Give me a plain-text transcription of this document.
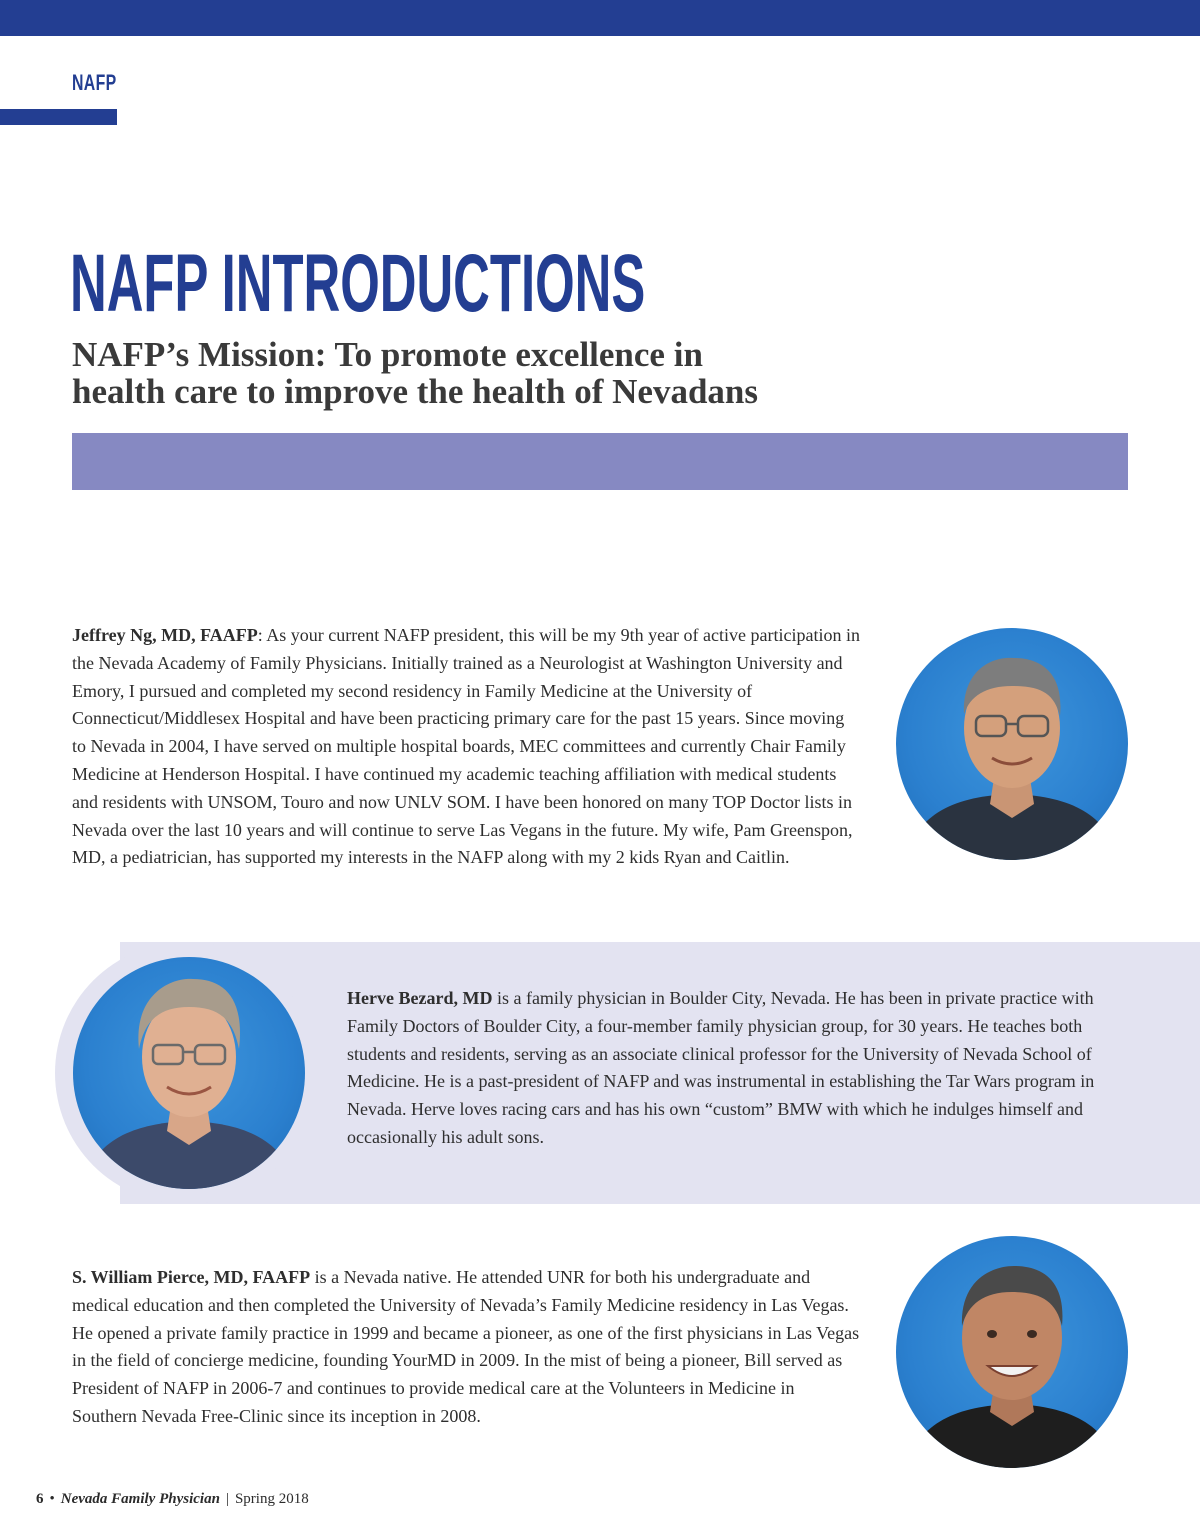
NAFP

NAFP INTRODUCTIONS
NAFP’s Mission: To promote excellence in
health care to improve the health of Nevadans

Jeffrey Ng, MD, FAAFP: As your current NAFP president, this will be my 9th year of active participation in the Nevada Academy of Family Physicians. Initially trained as a Neurologist at Washington University and Emory, I pursued and completed my second residency in Family Medicine at the University of Connecticut/Middlesex Hospital and have been practicing primary care for the past 15 years. Since moving to Nevada in 2004, I have served on multiple hospital boards, MEC committees and currently Chair Family Medicine at Henderson Hospital. I have continued my academic teaching affiliation with medical students and residents with UNSOM, Touro and now UNLV SOM. I have been honored on many TOP Doctor lists in Nevada over the last 10 years and will continue to serve Las Vegans in the future. My wife, Pam Greenspon, MD, a pediatrician, has supported my interests in the NAFP along with my 2 kids Ryan and Caitlin.

Herve Bezard, MD is a family physician in Boulder City, Nevada. He has been in private practice with Family Doctors of Boulder City, a four-member family physician group, for 30 years. He teaches both students and residents, serving as an associate clinical professor for the University of Nevada School of Medicine. He is a past-president of NAFP and was instrumental in establishing the Tar Wars program in Nevada. Herve loves racing cars and has his own “custom” BMW with which he indulges himself and occasionally his adult sons.

S. William Pierce, MD, FAAFP is a Nevada native. He attended UNR for both his undergraduate and medical education and then completed the University of Nevada’s Family Medicine residency in Las Vegas. He opened a private family practice in 1999 and became a pioneer, as one of the first physicians in Las Vegas in the field of concierge medicine, founding YourMD in 2009. In the mist of being a pioneer, Bill served as President of NAFP in 2006-7 and continues to provide medical care at the Volunteers in Medicine in Southern Nevada Free-Clinic since its inception in 2008.

6 • Nevada Family Physician | Spring 2018
